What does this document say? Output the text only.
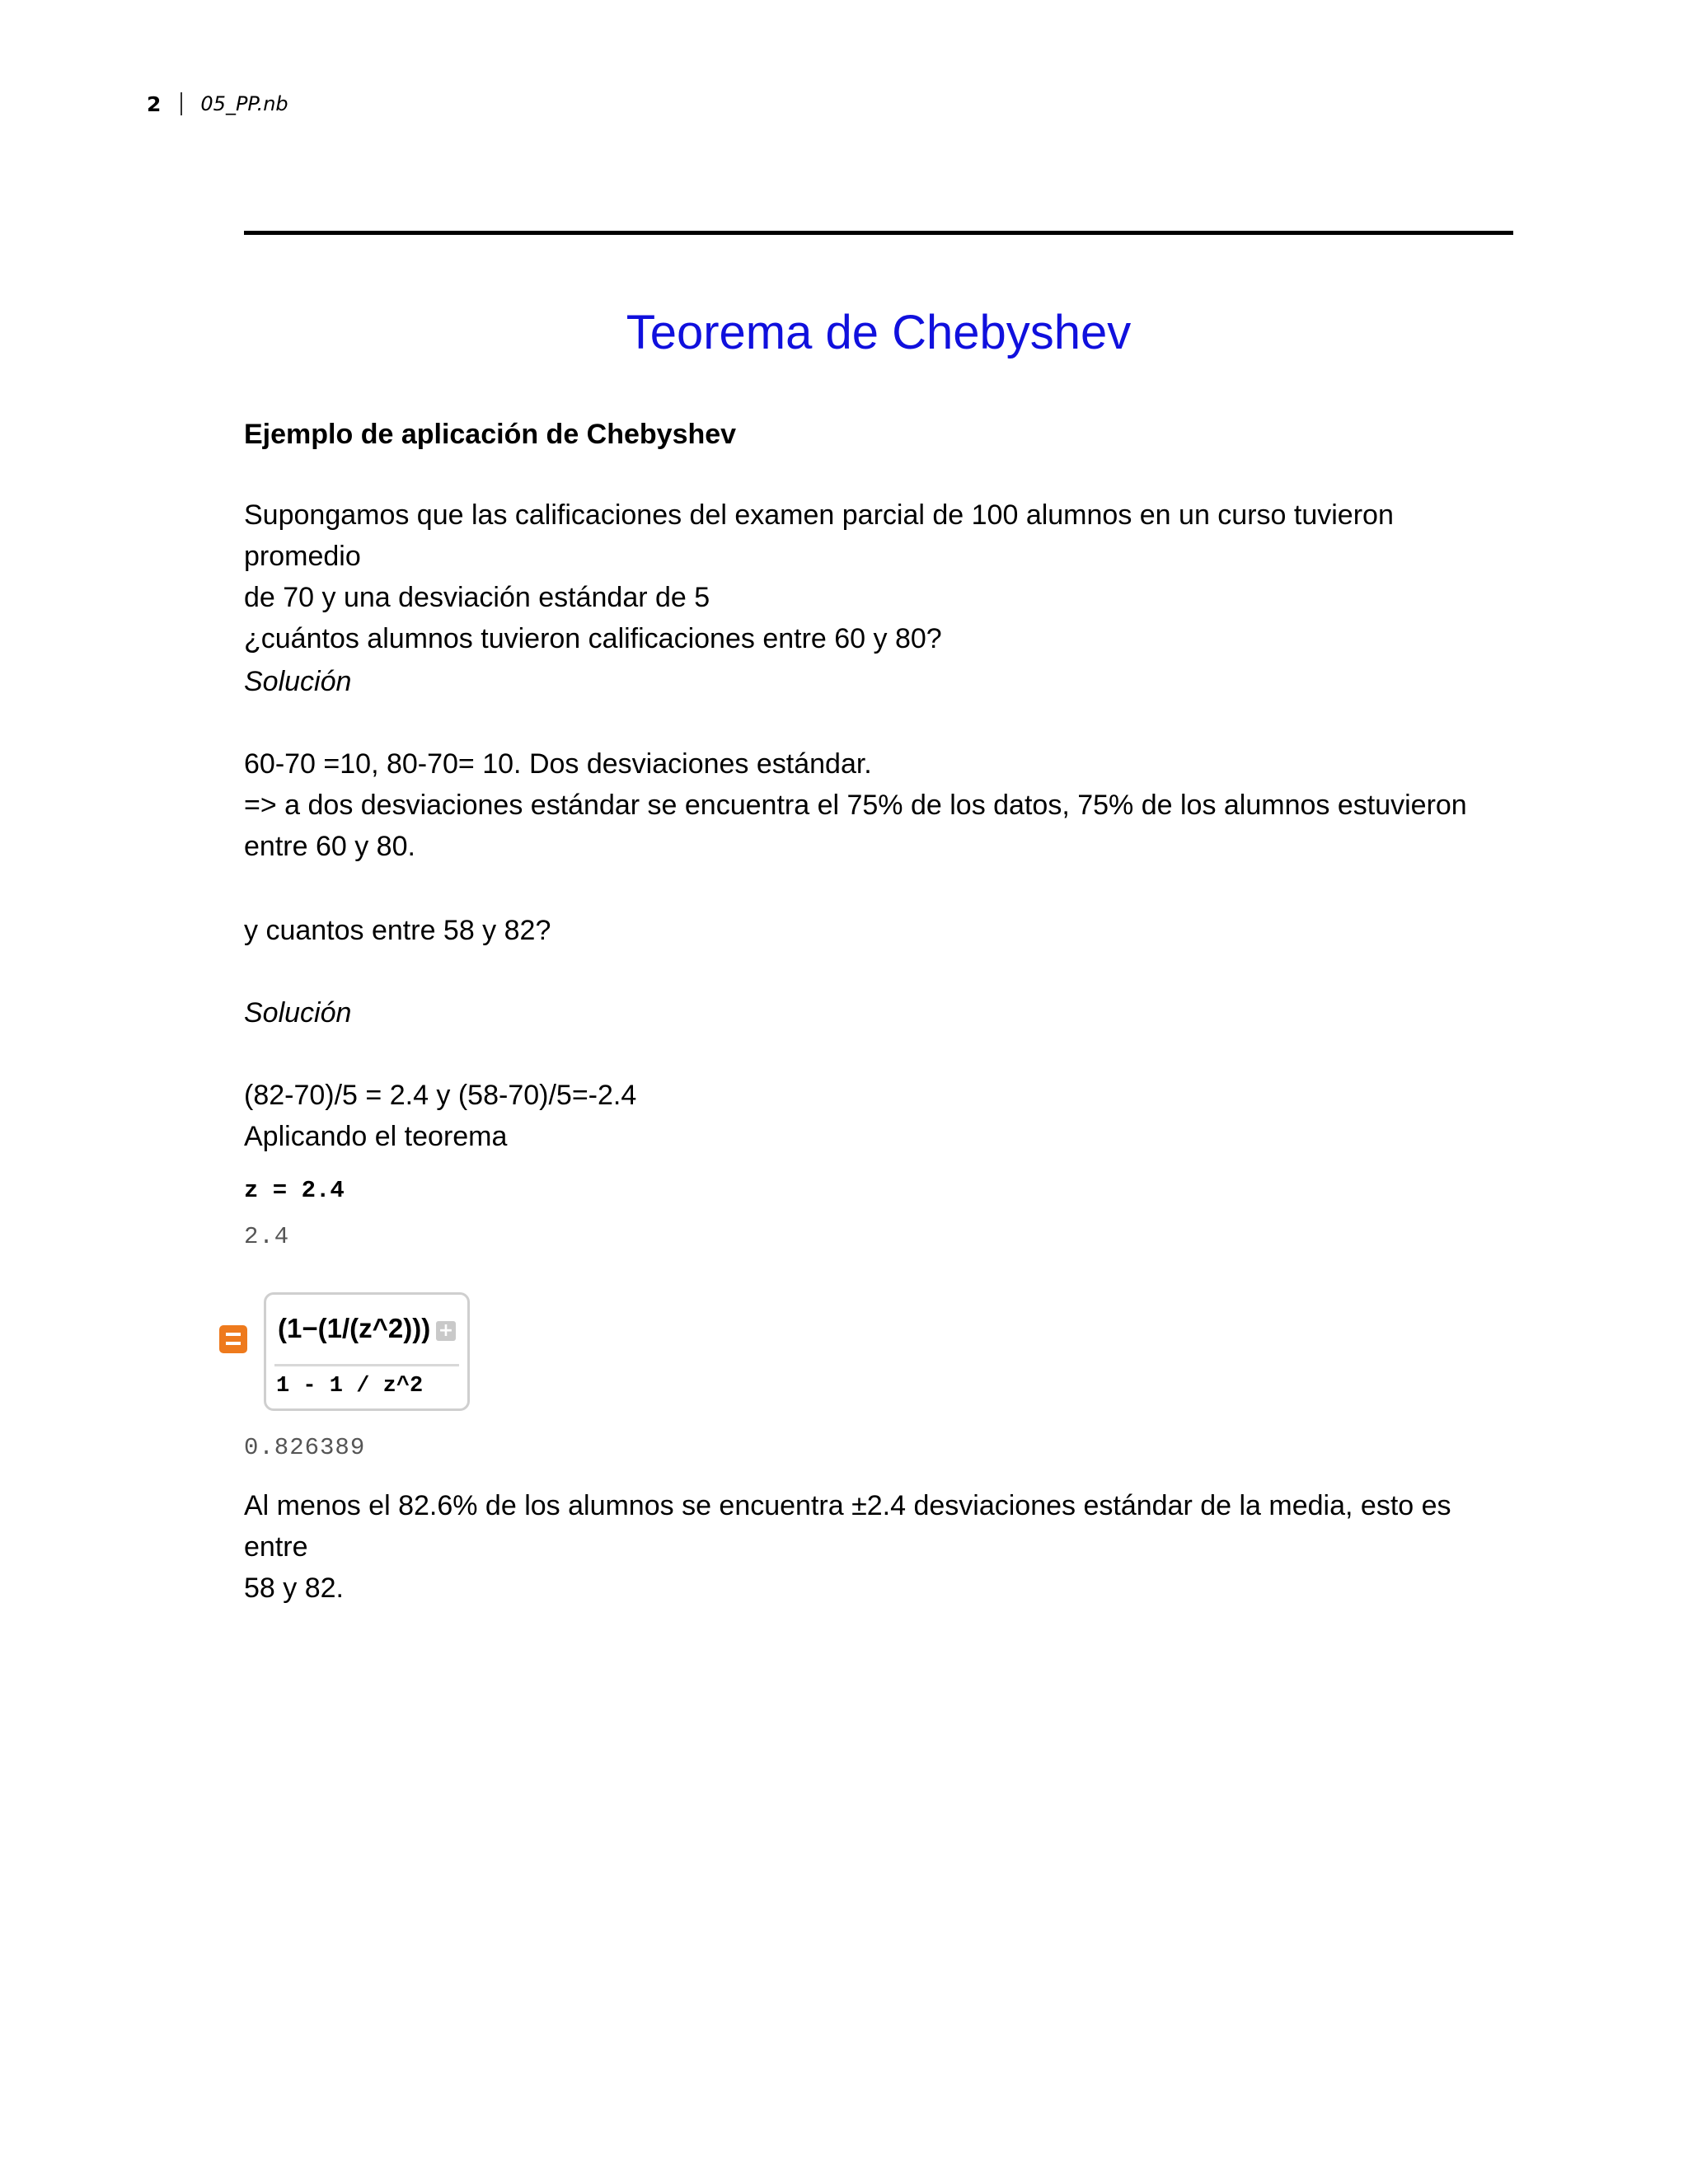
2 05_PP.nb
Teorema de Chebyshev
Ejemplo de aplicación de Chebyshev
Supongamos que las calificaciones del examen parcial de 100 alumnos en un curso tuvieron promedio
de 70 y una desviación estándar de 5
¿cuántos alumnos tuvieron calificaciones entre 60 y 80?
Solución
60-70 =10, 80-70= 10. Dos desviaciones estándar.
=> a dos desviaciones estándar se encuentra el 75% de los datos, 75% de los alumnos estuvieron
entre 60 y 80.
y cuantos entre 58 y 82?
Solución
(82-70)/5 = 2.4 y (58-70)/5=-2.4
Aplicando el teorema
z = 2.4
2.4
(1−(1/(z^2))) +
1 - 1 / z^2
0.826389
Al menos el 82.6% de los alumnos se encuentra ±2.4 desviaciones estándar de la media, esto es entre
58 y 82.
